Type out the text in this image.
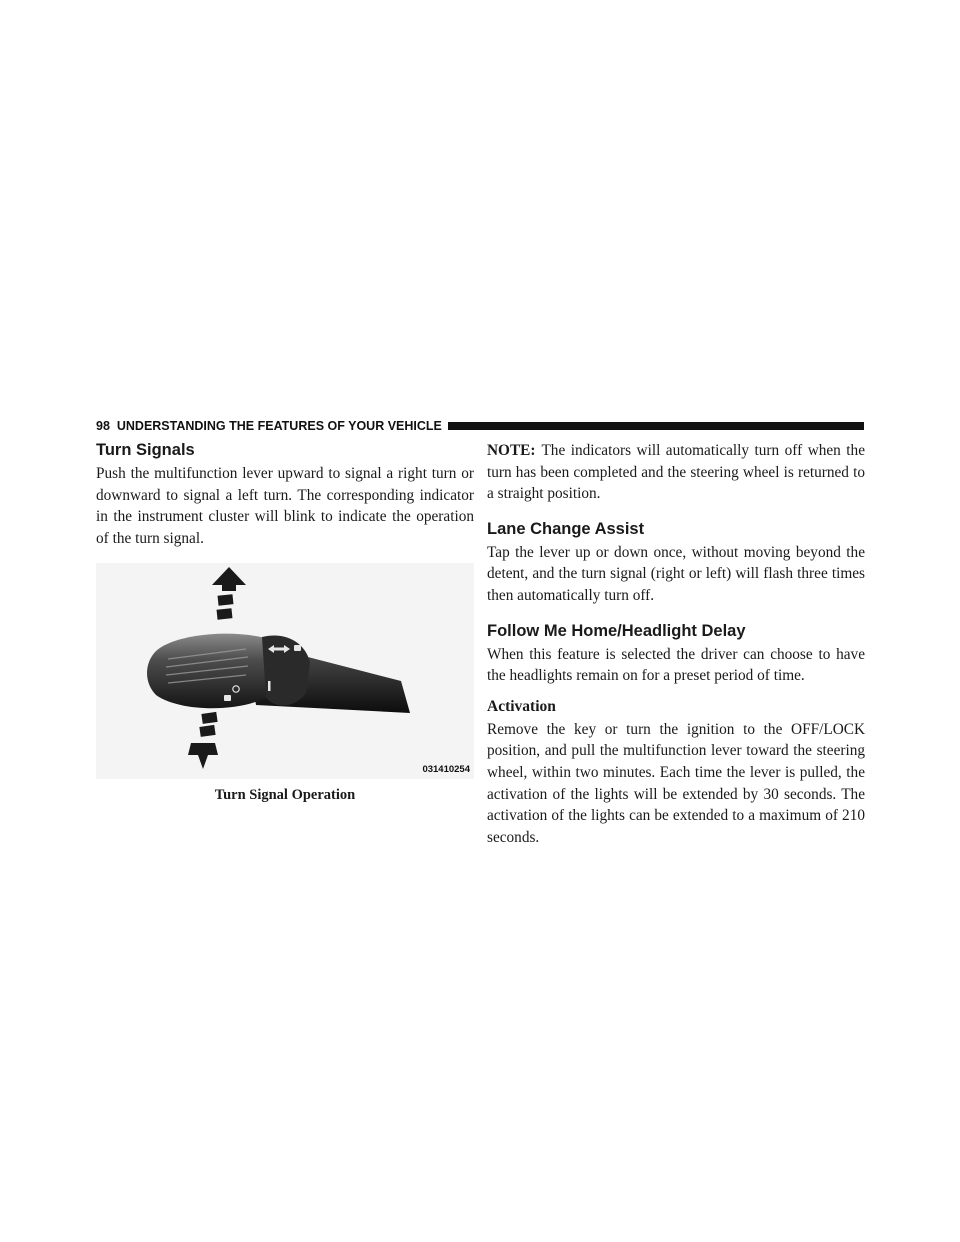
98 UNDERSTANDING THE FEATURES OF YOUR VEHICLE
Turn Signals

Push the multifunction lever upward to signal a right turn or downward to signal a left turn. The corresponding indicator in the instrument cluster will blink to indicate the operation of the turn signal.

031410254
Turn Signal Operation

NOTE: The indicators will automatically turn off when the turn has been completed and the steering wheel is returned to a straight position.

Lane Change Assist

Tap the lever up or down once, without moving beyond the detent, and the turn signal (right or left) will flash three times then automatically turn off.

Follow Me Home/Headlight Delay

When this feature is selected the driver can choose to have the headlights remain on for a preset period of time.

Activation

Remove the key or turn the ignition to the OFF/LOCK position, and pull the multifunction lever toward the steering wheel, within two minutes. Each time the lever is pulled, the activation of the lights will be extended by 30 seconds. The activation of the lights can be extended to a maximum of 210 seconds.
